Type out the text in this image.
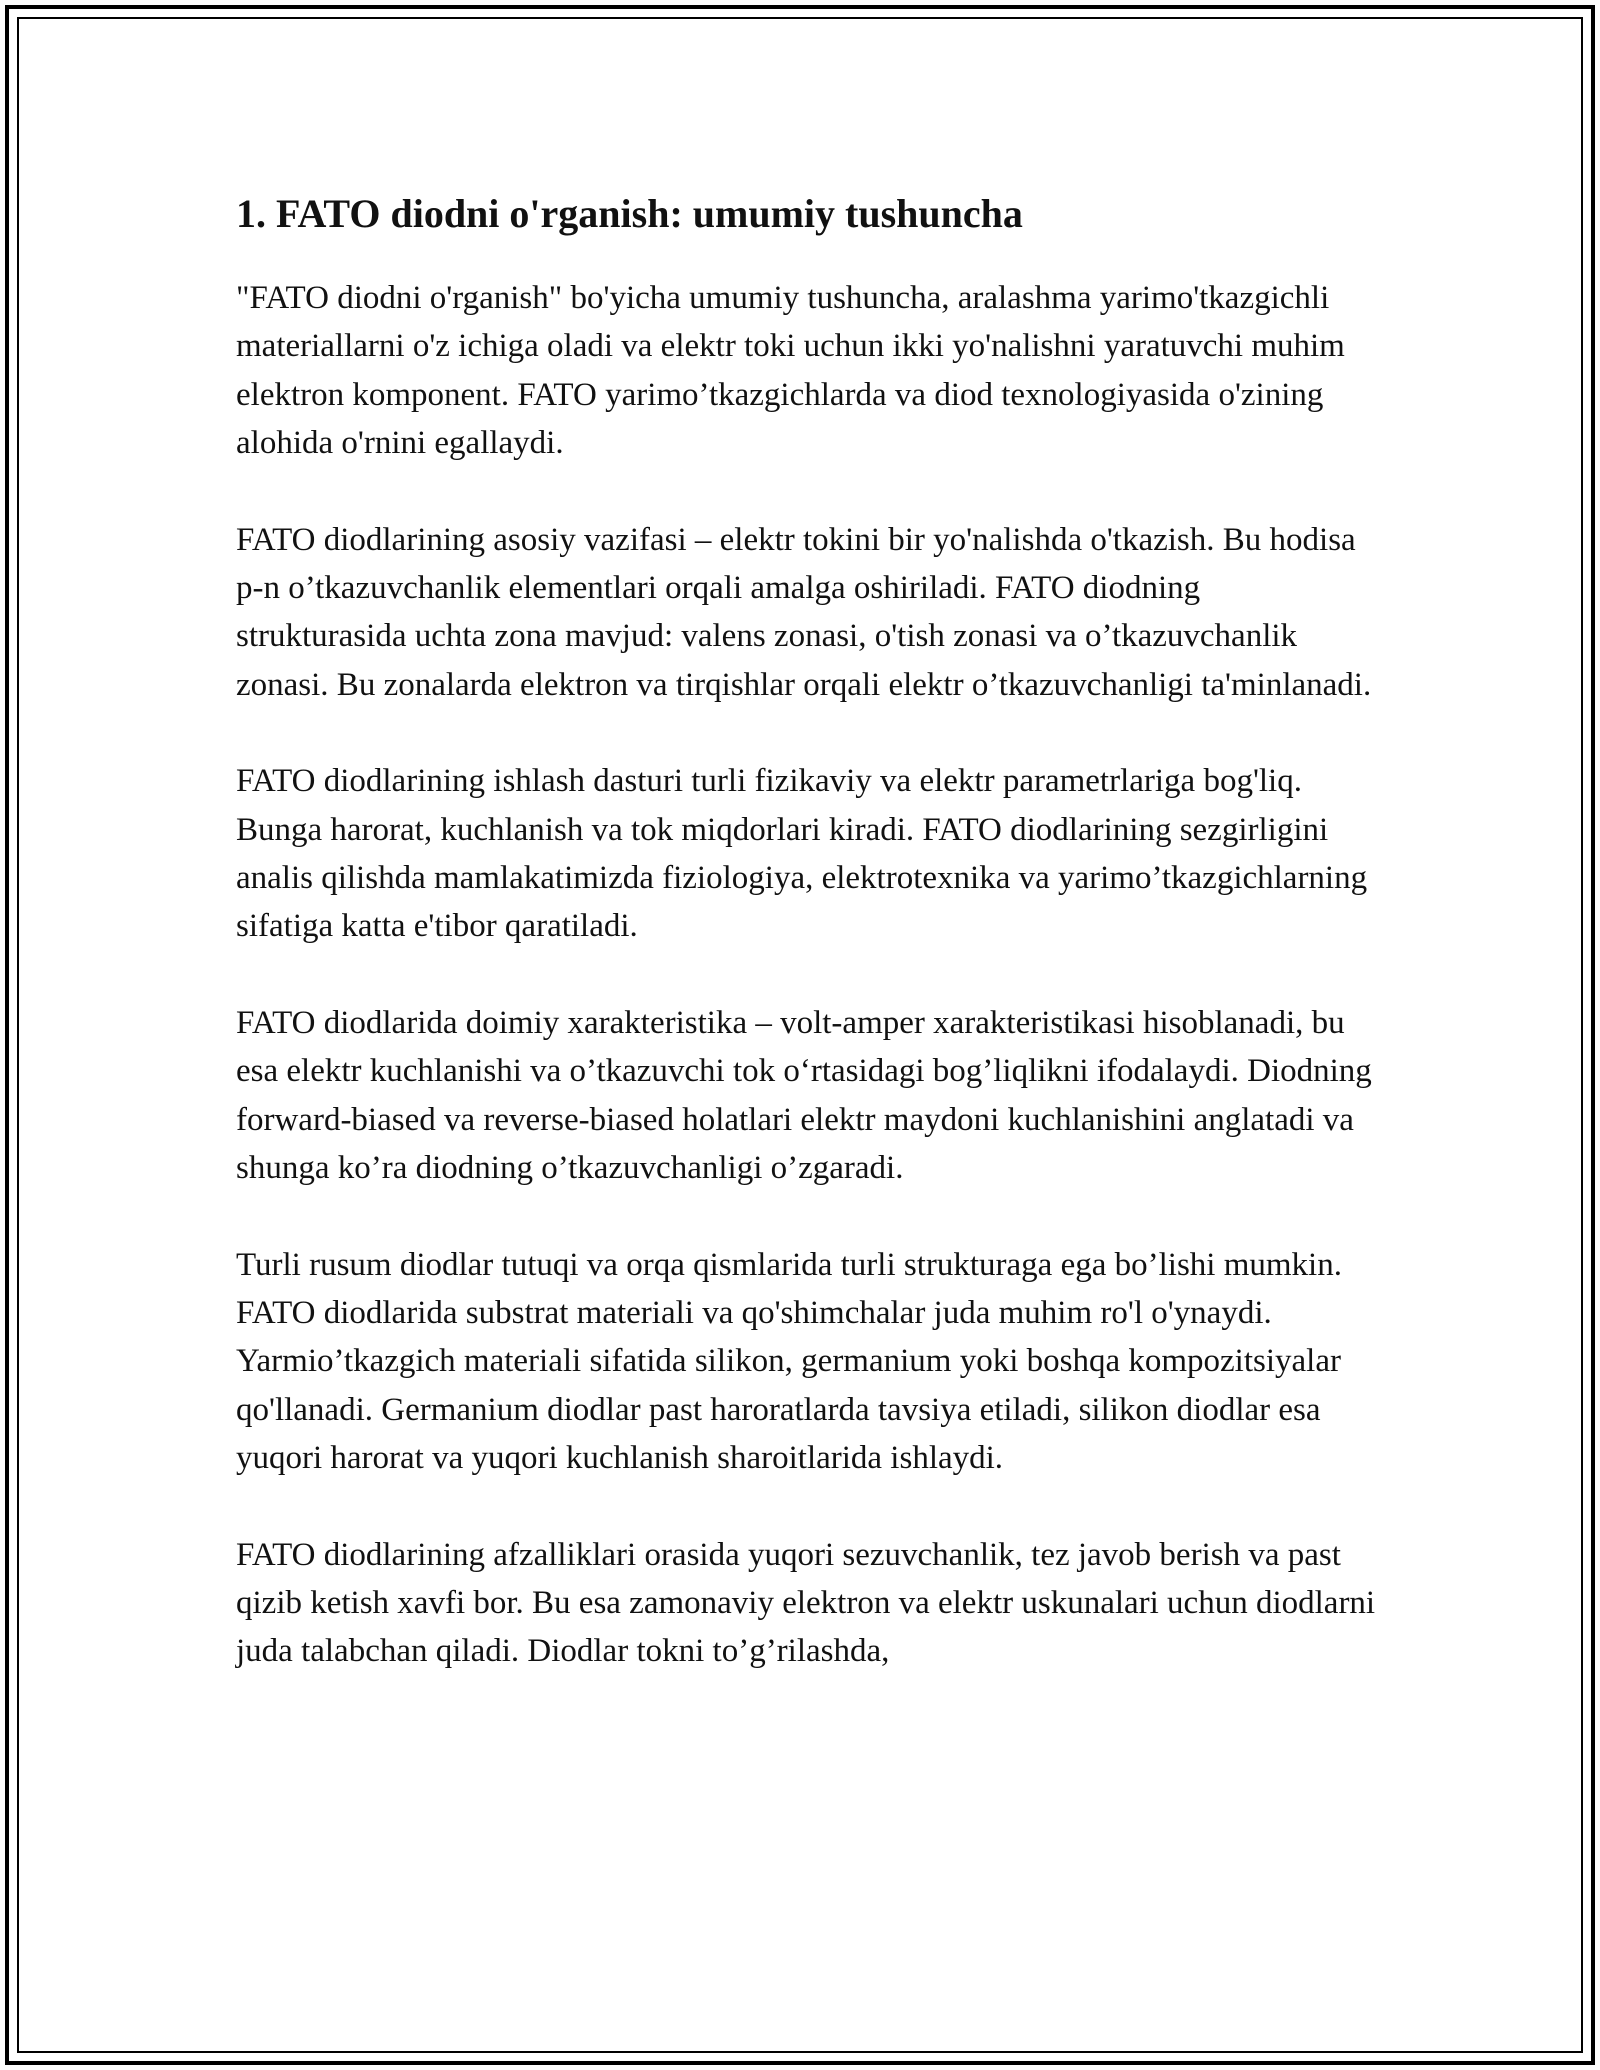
1. FATO diodni o'rganish: umumiy tushuncha

"FATO diodni o'rganish" bo'yicha umumiy tushuncha, aralashma yarimo'tkazgichli materiallarni o'z ichiga oladi va elektr toki uchun ikki yo'nalishni yaratuvchi muhim elektron komponent. FATO yarimo’tkazgichlarda va diod texnologiyasida o'zining alohida o'rnini egallaydi.

FATO diodlarining asosiy vazifasi – elektr tokini bir yo'nalishda o'tkazish. Bu hodisa p-n o’tkazuvchanlik elementlari orqali amalga oshiriladi. FATO diodning strukturasida uchta zona mavjud: valens zonasi, o'tish zonasi va o’tkazuvchanlik zonasi. Bu zonalarda elektron va tirqishlar orqali elektr o’tkazuvchanligi ta'minlanadi.

FATO diodlarining ishlash dasturi turli fizikaviy va elektr parametrlariga bog'liq. Bunga harorat, kuchlanish va tok miqdorlari kiradi. FATO diodlarining sezgirligini analis qilishda mamlakatimizda fiziologiya, elektrotexnika va yarimo’tkazgichlarning sifatiga katta e'tibor qaratiladi.

FATO diodlarida doimiy xarakteristika – volt-amper xarakteristikasi hisoblanadi, bu esa elektr kuchlanishi va o’tkazuvchi tok o‘rtasidagi bog’liqlikni ifodalaydi. Diodning forward-biased va reverse-biased holatlari elektr maydoni kuchlanishini anglatadi va shunga ko’ra diodning o’tkazuvchanligi o’zgaradi.

Turli rusum diodlar tutuqi va orqa qismlarida turli strukturaga ega bo’lishi mumkin. FATO diodlarida substrat materiali va qo'shimchalar juda muhim ro'l o'ynaydi. Yarmio’tkazgich materiali sifatida silikon, germanium yoki boshqa kompozitsiyalar qo'llanadi. Germanium diodlar past haroratlarda tavsiya etiladi, silikon diodlar esa yuqori harorat va yuqori kuchlanish sharoitlarida ishlaydi.

FATO diodlarining afzalliklari orasida yuqori sezuvchanlik, tez javob berish va past qizib ketish xavfi bor. Bu esa zamonaviy elektron va elektr uskunalari uchun diodlarni juda talabchan qiladi. Diodlar tokni to’g’rilashda,
